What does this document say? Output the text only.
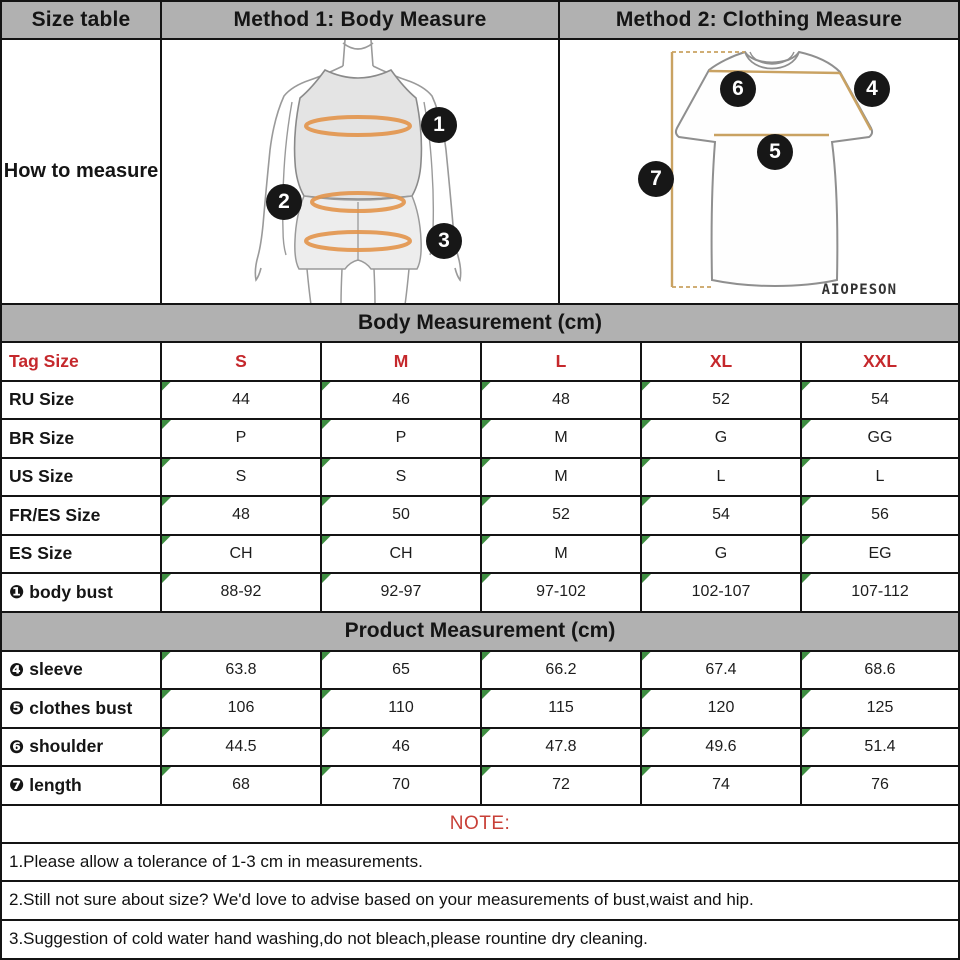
Size table	Method 1: Body Measure	Method 2: Clothing Measure
How to measure
1
2
3
AIOPESON
4
5
6
7
Body Measurement (cm)
Tag Size	S	M	L	XL	XXL
RU Size	44	46	48	52	54
BR Size	P	P	M	G	GG
US Size	S	S	M	L	L
FR/ES Size	48	50	52	54	56
ES Size	CH	CH	M	G	EG
❶ body bust	88-92	92-97	97-102	102-107	107-112
Product Measurement (cm)
❹ sleeve	63.8	65	66.2	67.4	68.6
❺ clothes bust	106	110	115	120	125
❻ shoulder	44.5	46	47.8	49.6	51.4
❼ length	68	70	72	74	76
NOTE:
1.Please allow a tolerance of 1-3 cm in measurements.
2.Still not sure about size? We'd love to advise based on your measurements of bust,waist and hip.
3.Suggestion of cold water hand washing,do not bleach,please rountine dry cleaning.
